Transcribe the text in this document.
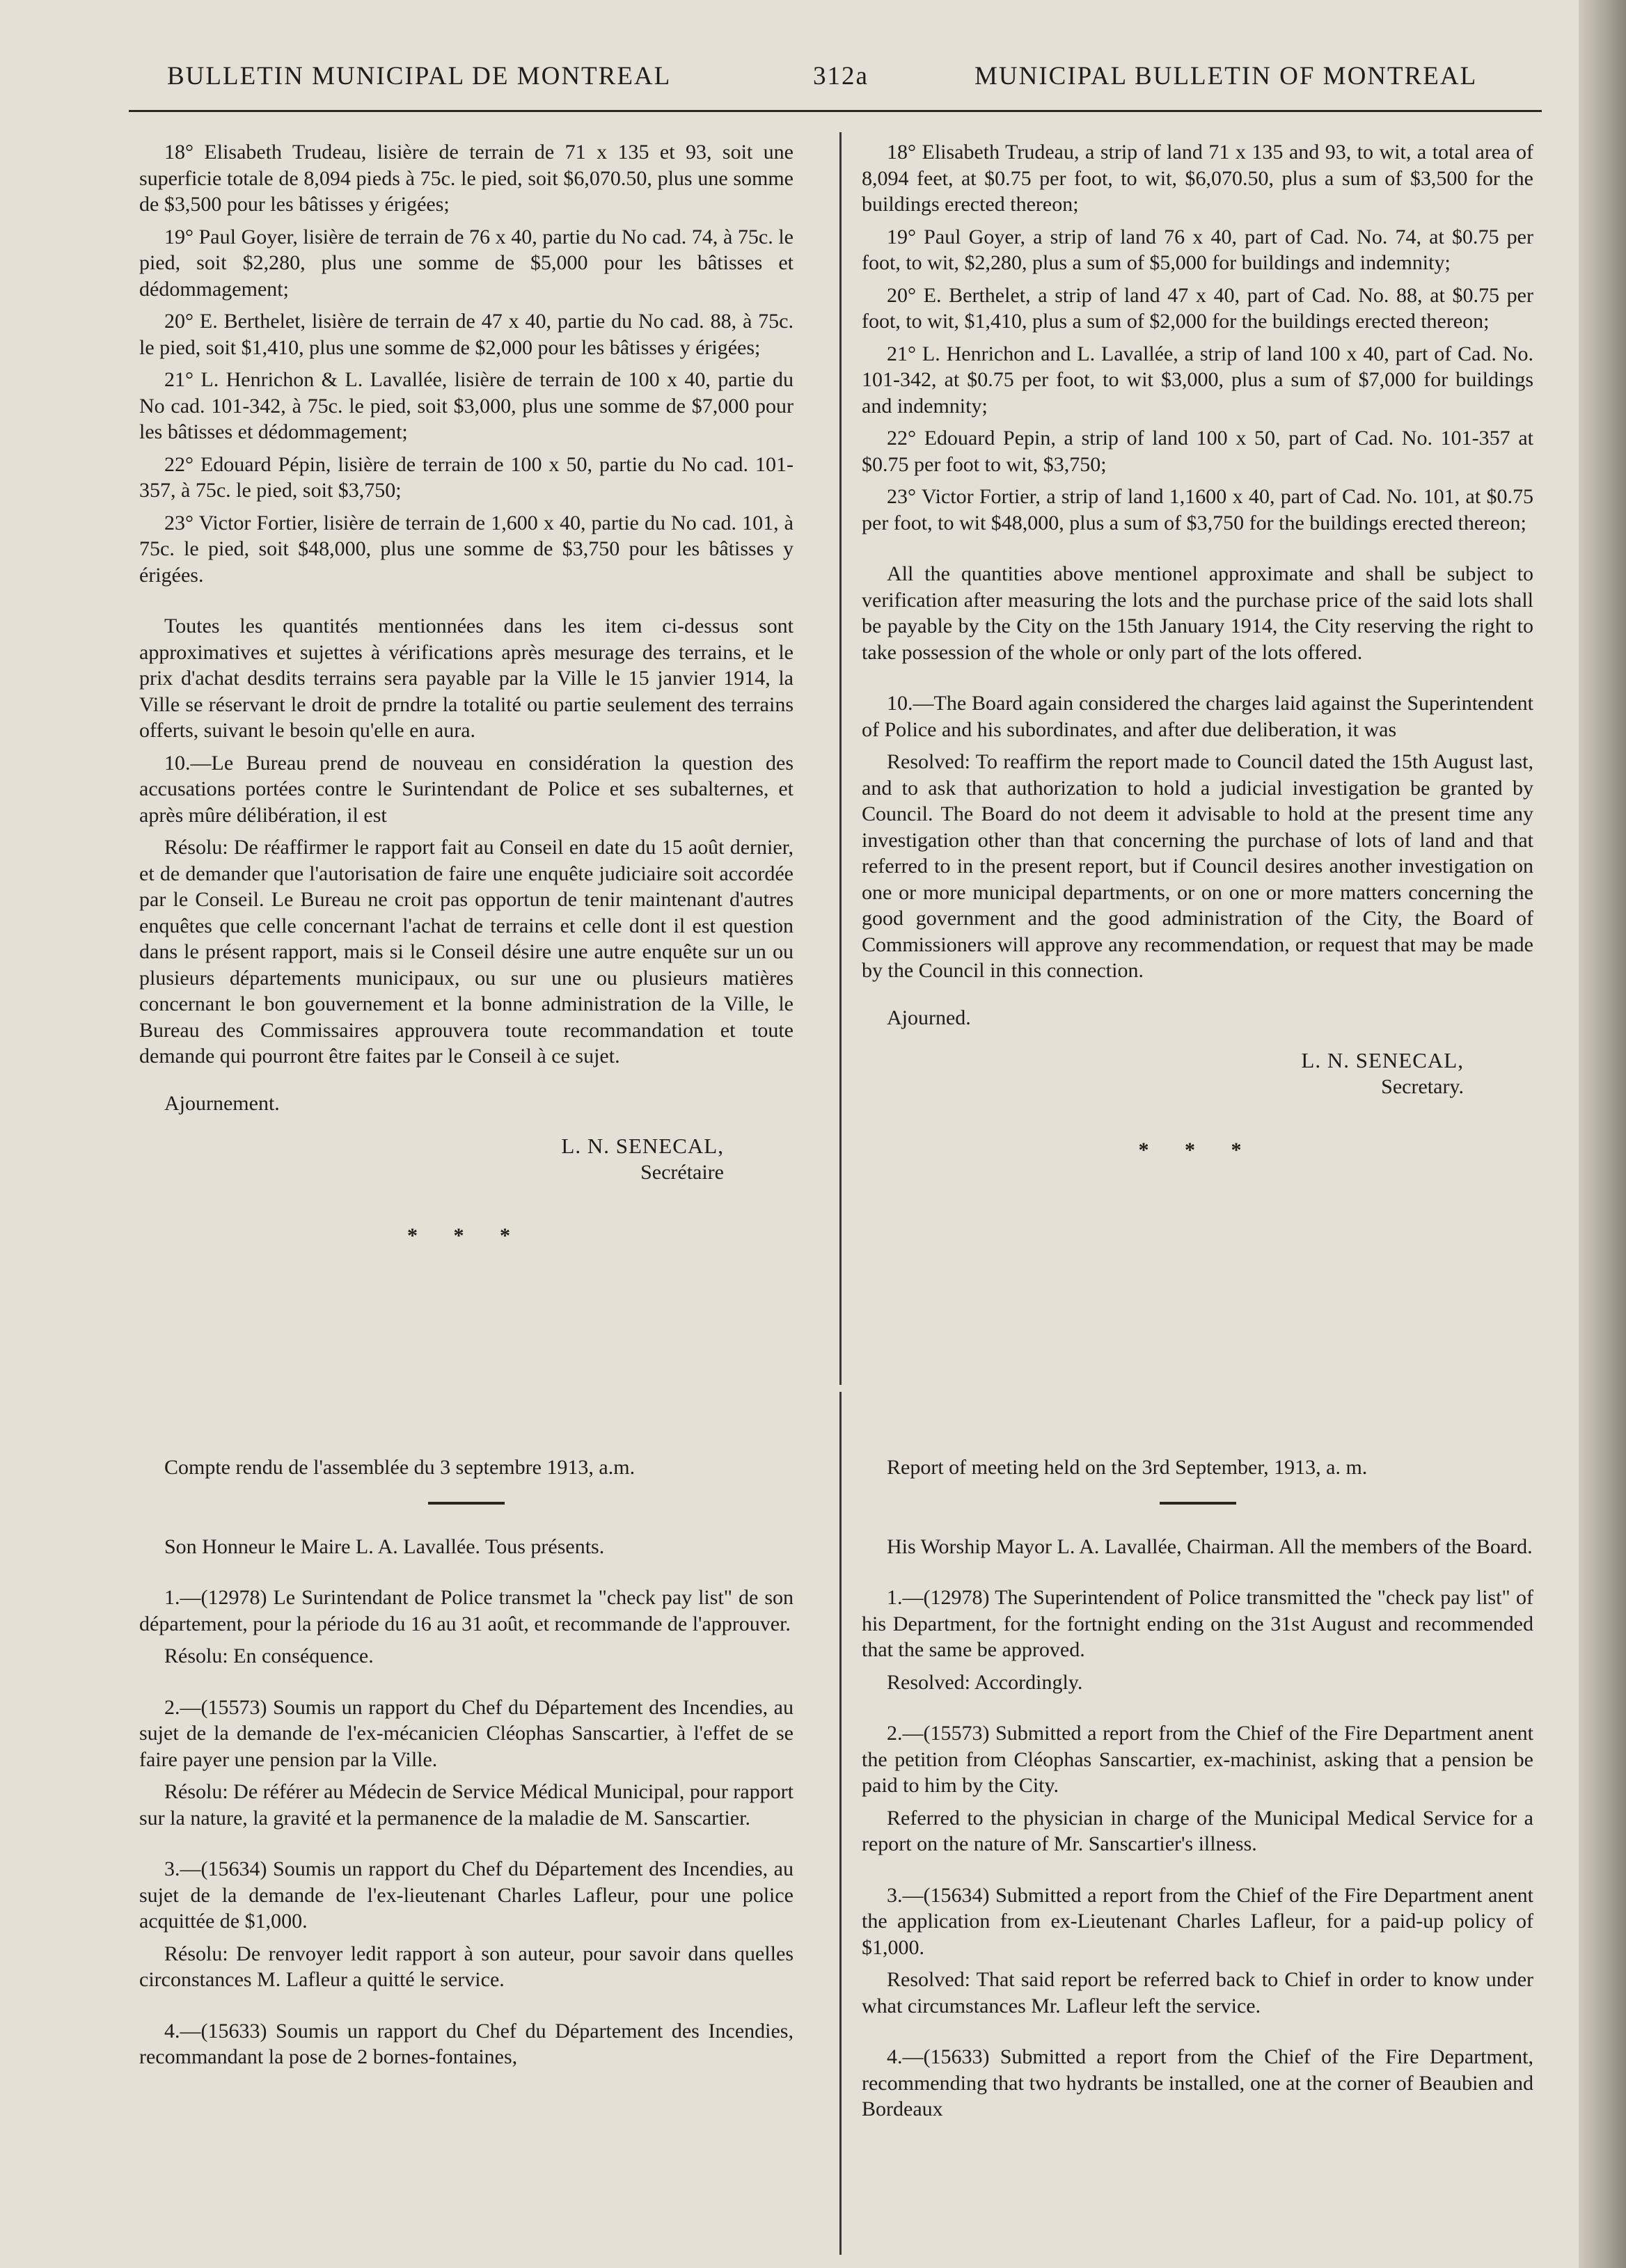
BULLETIN MUNICIPAL DE MONTREAL	312a	MUNICIPAL BULLETIN OF MONTREAL

18° Elisabeth Trudeau, lisière de terrain de 71 x 135 et 93, soit une superficie totale de 8,094 pieds à 75c. le pied, soit $6,070.50, plus une somme de $3,500 pour les bâtisses y érigées;

19° Paul Goyer, lisière de terrain de 76 x 40, partie du No cad. 74, à 75c. le pied, soit $2,280, plus une somme de $5,000 pour les bâtisses et dédommagement;

20° E. Berthelet, lisière de terrain de 47 x 40, partie du No cad. 88, à 75c. le pied, soit $1,410, plus une somme de $2,000 pour les bâtisses y érigées;

21° L. Henrichon & L. Lavallée, lisière de terrain de 100 x 40, partie du No cad. 101-342, à 75c. le pied, soit $3,000, plus une somme de $7,000 pour les bâtisses et dédommagement;

22° Edouard Pépin, lisière de terrain de 100 x 50, partie du No cad. 101-357, à 75c. le pied, soit $3,750;

23° Victor Fortier, lisière de terrain de 1,600 x 40, partie du No cad. 101, à 75c. le pied, soit $48,000, plus une somme de $3,750 pour les bâtisses y érigées.

Toutes les quantités mentionnées dans les item ci-dessus sont approximatives et sujettes à vérifications après mesurage des terrains, et le prix d'achat desdits terrains sera payable par la Ville le 15 janvier 1914, la Ville se réservant le droit de prndre la totalité ou partie seulement des terrains offerts, suivant le besoin qu'elle en aura.

10.—Le Bureau prend de nouveau en considération la question des accusations portées contre le Surintendant de Police et ses subalternes, et après mûre délibération, il est

Résolu: De réaffirmer le rapport fait au Conseil en date du 15 août dernier, et de demander que l'autorisation de faire une enquête judiciaire soit accordée par le Conseil. Le Bureau ne croit pas opportun de tenir maintenant d'autres enquêtes que celle concernant l'achat de terrains et celle dont il est question dans le présent rapport, mais si le Conseil désire une autre enquête sur un ou plusieurs départements municipaux, ou sur une ou plusieurs matières concernant le bon gouvernement et la bonne administration de la Ville, le Bureau des Commissaires approuvera toute recommandation et toute demande qui pourront être faites par le Conseil à ce sujet.

Ajournement.

L. N. SENECAL,

Secrétaire

* * *

18° Elisabeth Trudeau, a strip of land 71 x 135 and 93, to wit, a total area of 8,094 feet, at $0.75 per foot, to wit, $6,070.50, plus a sum of $3,500 for the buildings erected thereon;

19° Paul Goyer, a strip of land 76 x 40, part of Cad. No. 74, at $0.75 per foot, to wit, $2,280, plus a sum of $5,000 for buildings and indemnity;

20° E. Berthelet, a strip of land 47 x 40, part of Cad. No. 88, at $0.75 per foot, to wit, $1,410, plus a sum of $2,000 for the buildings erected thereon;

21° L. Henrichon and L. Lavallée, a strip of land 100 x 40, part of Cad. No. 101-342, at $0.75 per foot, to wit $3,000, plus a sum of $7,000 for buildings and indemnity;

22° Edouard Pepin, a strip of land 100 x 50, part of Cad. No. 101-357 at $0.75 per foot to wit, $3,750;

23° Victor Fortier, a strip of land 1,1600 x 40, part of Cad. No. 101, at $0.75 per foot, to wit $48,000, plus a sum of $3,750 for the buildings erected thereon;

All the quantities above mentionel approximate and shall be subject to verification after measuring the lots and the purchase price of the said lots shall be payable by the City on the 15th January 1914, the City reserving the right to take possession of the whole or only part of the lots offered.

10.—The Board again considered the charges laid against the Superintendent of Police and his subordinates, and after due deliberation, it was

Resolved: To reaffirm the report made to Council dated the 15th August last, and to ask that authorization to hold a judicial investigation be granted by Council. The Board do not deem it advisable to hold at the present time any investigation other than that concerning the purchase of lots of land and that referred to in the present report, but if Council desires another investigation on one or more municipal departments, or on one or more matters concerning the good government and the good administration of the City, the Board of Commissioners will approve any recommendation, or request that may be made by the Council in this connection.

Ajourned.

L. N. SENECAL,

Secretary.

* * *

Compte rendu de l'assemblée du 3 septembre 1913, a.m.

Son Honneur le Maire L. A. Lavallée. Tous présents.

1.—(12978) Le Surintendant de Police transmet la "check pay list" de son département, pour la période du 16 au 31 août, et recommande de l'approuver.

Résolu: En conséquence.

2.—(15573) Soumis un rapport du Chef du Département des Incendies, au sujet de la demande de l'ex-mécanicien Cléophas Sanscartier, à l'effet de se faire payer une pension par la Ville.

Résolu: De référer au Médecin de Service Médical Municipal, pour rapport sur la nature, la gravité et la permanence de la maladie de M. Sanscartier.

3.—(15634) Soumis un rapport du Chef du Département des Incendies, au sujet de la demande de l'ex-lieutenant Charles Lafleur, pour une police acquittée de $1,000.

Résolu: De renvoyer ledit rapport à son auteur, pour savoir dans quelles circonstances M. Lafleur a quitté le service.

4.—(15633) Soumis un rapport du Chef du Département des Incendies, recommandant la pose de 2 bornes-fontaines,

Report of meeting held on the 3rd September, 1913, a. m.

His Worship Mayor L. A. Lavallée, Chairman. All the members of the Board.

1.—(12978) The Superintendent of Police transmitted the "check pay list" of his Department, for the fortnight ending on the 31st August and recommended that the same be approved.

Resolved: Accordingly.

2.—(15573) Submitted a report from the Chief of the Fire Department anent the petition from Cléophas Sanscartier, ex-machinist, asking that a pension be paid to him by the City.

Referred to the physician in charge of the Municipal Medical Service for a report on the nature of Mr. Sanscartier's illness.

3.—(15634) Submitted a report from the Chief of the Fire Department anent the application from ex-Lieutenant Charles Lafleur, for a paid-up policy of $1,000.

Resolved: That said report be referred back to Chief in order to know under what circumstances Mr. Lafleur left the service.

4.—(15633) Submitted a report from the Chief of the Fire Department, recommending that two hydrants be installed, one at the corner of Beaubien and Bordeaux
